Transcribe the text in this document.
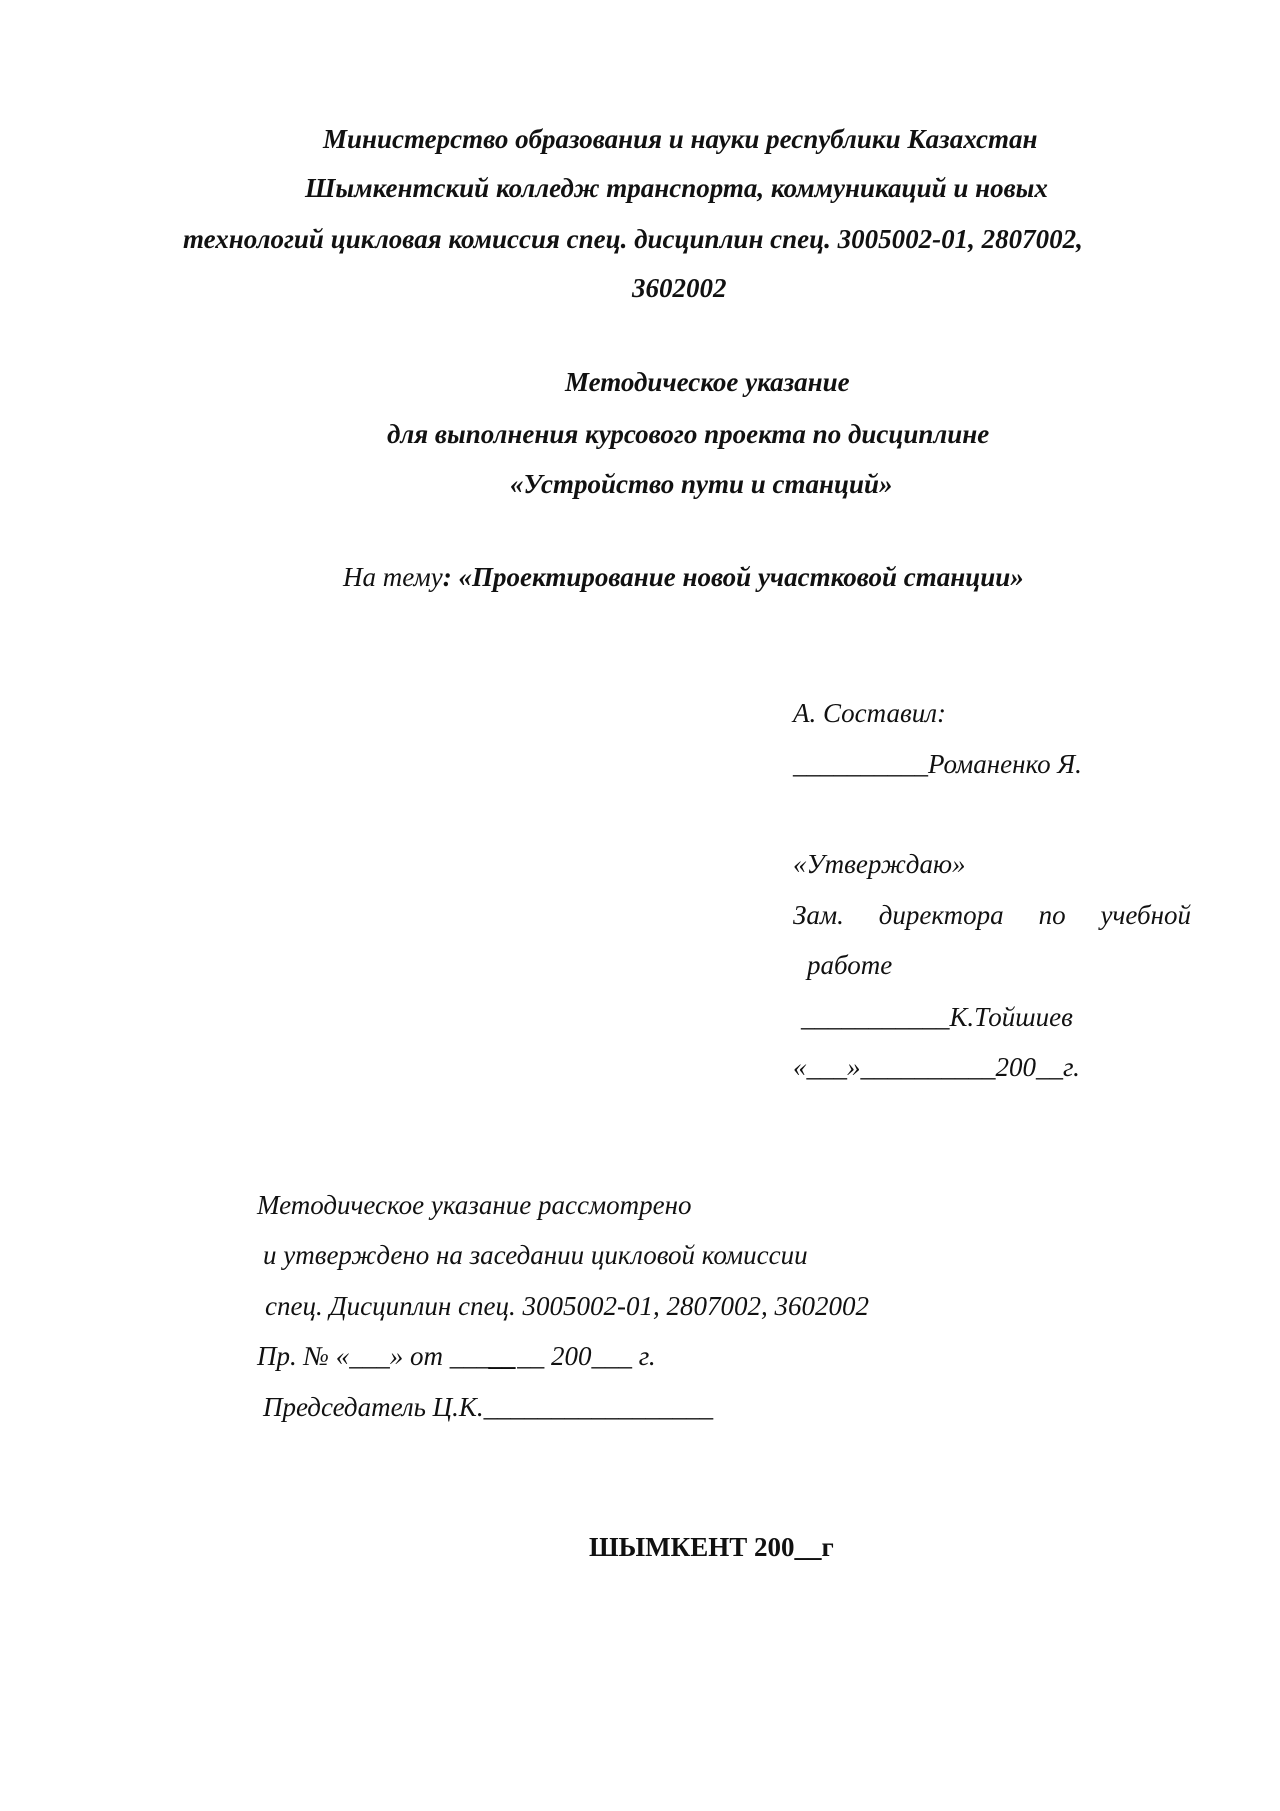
Министерство образования и науки республики Казахстан
Шымкентский колледж транспорта, коммуникаций и новых
технологий цикловая комиссия спец. дисциплин спец. 3005002-01, 2807002,
3602002
Методическое указание
для выполнения курсового проекта по дисциплине
«Устройство пути и станций»
На тему: «Проектирование новой участковой станции»
А. Составил:
__________Романенко Я.
«Утверждаю»
Зам. директора по учебной
работе
___________К.Тойшиев
«___»__________200__г.
Методическое указание рассмотрено
и утверждено на заседании цикловой комиссии
спец. Дисциплин спец. 3005002-01, 2807002, 3602002
Пр. № «___» от _______ 200___ г.
Председатель Ц.К._________________
ШЫМКЕНТ 200__г
